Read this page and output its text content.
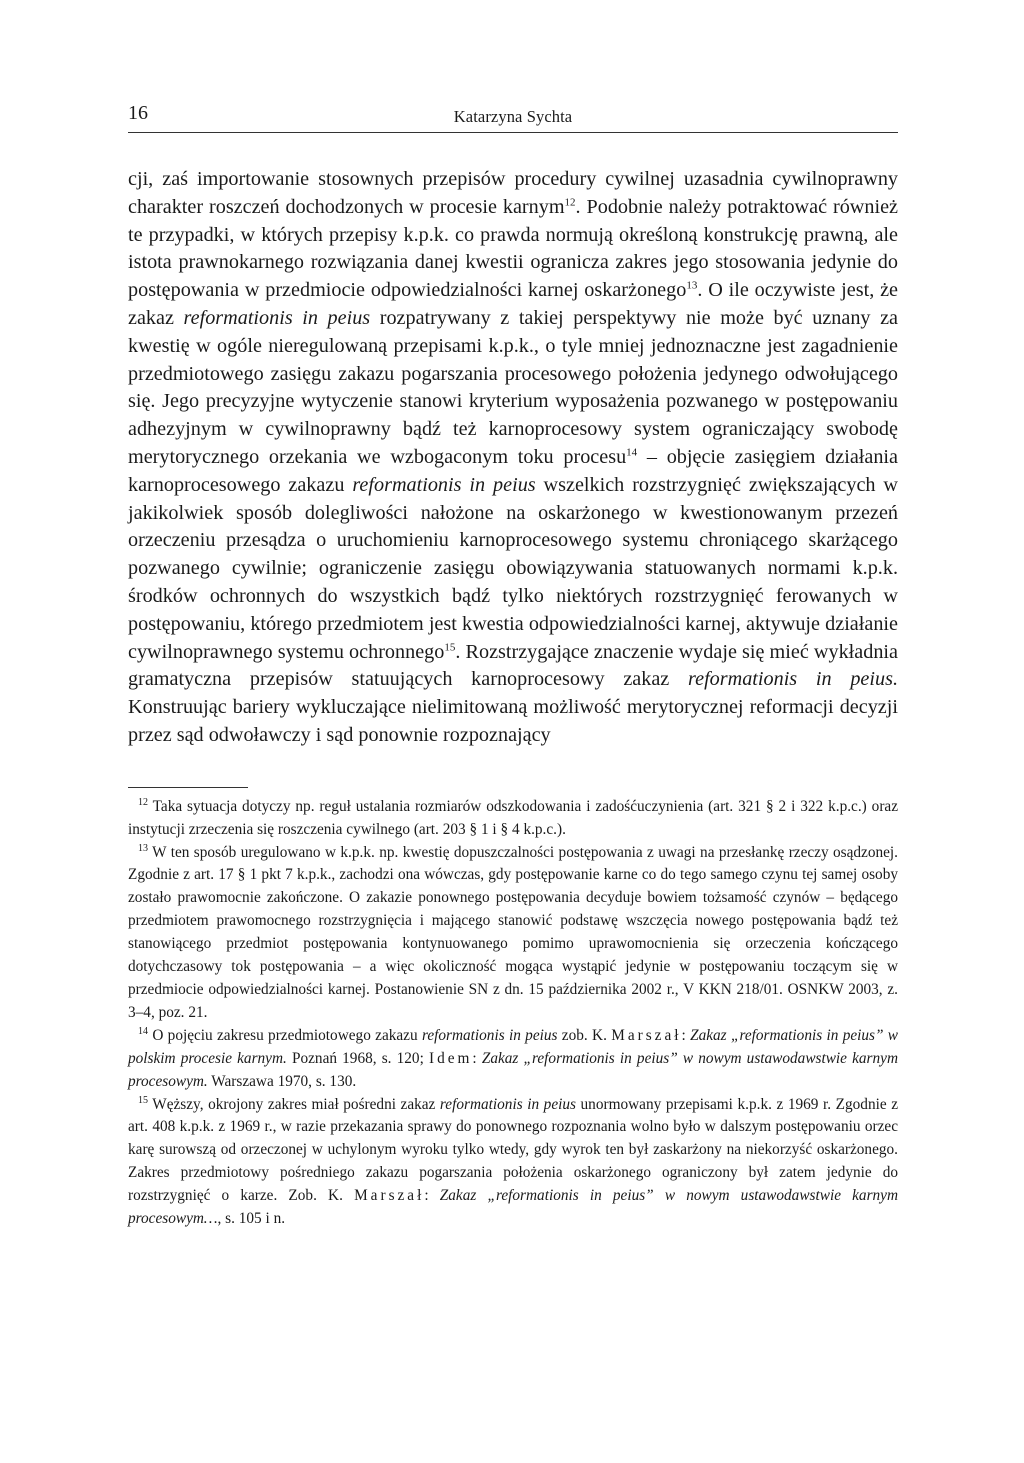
16	Katarzyna Sychta

cji, zaś importowanie stosownych przepisów procedury cywilnej uzasadnia cywilnoprawny charakter roszczeń dochodzonych w procesie karnym$^{12}$. Podobnie należy potraktować również te przypadki, w których przepisy k.p.k. co prawda normują określoną konstrukcję prawną, ale istota prawnokarnego rozwiązania danej kwestii ogranicza zakres jego stosowania jedynie do postępowania w przedmiocie odpowiedzialności karnej oskarżonego$^{13}$. O ile oczywiste jest, że zakaz reformationis in peius rozpatrywany z takiej perspektywy nie może być uznany za kwestię w ogóle nieregulowaną przepisami k.p.k., o tyle mniej jednoznaczne jest zagadnienie przedmiotowego zasięgu zakazu pogarszania procesowego położenia jedynego odwołującego się. Jego precyzyjne wytyczenie stanowi kryterium wyposażenia pozwanego w postępowaniu adhezyjnym w cywilnoprawny bądź też karnoprocesowy system ograniczający swobodę merytorycznego orzekania we wzbogaconym toku procesu$^{14}$ – objęcie zasięgiem działania karnoprocesowego zakazu reformationis in peius wszelkich rozstrzygnięć zwiększających w jakikolwiek sposób dolegliwości nałożone na oskarżonego w kwestionowanym przezeń orzeczeniu przesądza o uruchomieniu karnoprocesowego systemu chroniącego skarżącego pozwanego cywilnie; ograniczenie zasięgu obowiązywania statuowanych normami k.p.k. środków ochronnych do wszystkich bądź tylko niektórych rozstrzygnięć ferowanych w postępowaniu, którego przedmiotem jest kwestia odpowiedzialności karnej, aktywuje działanie cywilnoprawnego systemu ochronnego$^{15}$. Rozstrzygające znaczenie wydaje się mieć wykładnia gramatyczna przepisów statuujących karnoprocesowy zakaz reformationis in peius. Konstruując bariery wykluczające nielimitowaną możliwość merytorycznej reformacji decyzji przez sąd odwoławczy i sąd ponownie rozpoznający

$^{12}$ Taka sytuacja dotyczy np. reguł ustalania rozmiarów odszkodowania i zadośćuczynienia (art. 321 § 2 i 322 k.p.c.) oraz instytucji zrzeczenia się roszczenia cywilnego (art. 203 § 1 i § 4 k.p.c.).

$^{13}$ W ten sposób uregulowano w k.p.k. np. kwestię dopuszczalności postępowania z uwagi na przesłankę rzeczy osądzonej. Zgodnie z art. 17 § 1 pkt 7 k.p.k., zachodzi ona wówczas, gdy postępowanie karne co do tego samego czynu tej samej osoby zostało prawomocnie zakończone. O zakazie ponownego postępowania decyduje bowiem tożsamość czynów – będącego przedmiotem prawomocnego rozstrzygnięcia i mającego stanowić podstawę wszczęcia nowego postępowania bądź też stanowiącego przedmiot postępowania kontynuowanego pomimo uprawomocnienia się orzeczenia kończącego dotychczasowy tok postępowania – a więc okoliczność mogąca wystąpić jedynie w postępowaniu toczącym się w przedmiocie odpowiedzialności karnej. Postanowienie SN z dn. 15 października 2002 r., V KKN 218/01. OSNKW 2003, z. 3–4, poz. 21.

$^{14}$ O pojęciu zakresu przedmiotowego zakazu reformationis in peius zob. K. Marszał: Zakaz „reformationis in peius” w polskim procesie karnym. Poznań 1968, s. 120; Idem: Zakaz „reformationis in peius” w nowym ustawodawstwie karnym procesowym. Warszawa 1970, s. 130.

$^{15}$ Węższy, okrojony zakres miał pośredni zakaz reformationis in peius unormowany przepisami k.p.k. z 1969 r. Zgodnie z art. 408 k.p.k. z 1969 r., w razie przekazania sprawy do ponownego rozpoznania wolno było w dalszym postępowaniu orzec karę surowszą od orzeczonej w uchylonym wyroku tylko wtedy, gdy wyrok ten był zaskarżony na niekorzyść oskarżonego. Zakres przedmiotowy pośredniego zakazu pogarszania położenia oskarżonego ograniczony był zatem jedynie do rozstrzygnięć o karze. Zob. K. Marszał: Zakaz „reformationis in peius” w nowym ustawodawstwie karnym procesowym…, s. 105 i n.
